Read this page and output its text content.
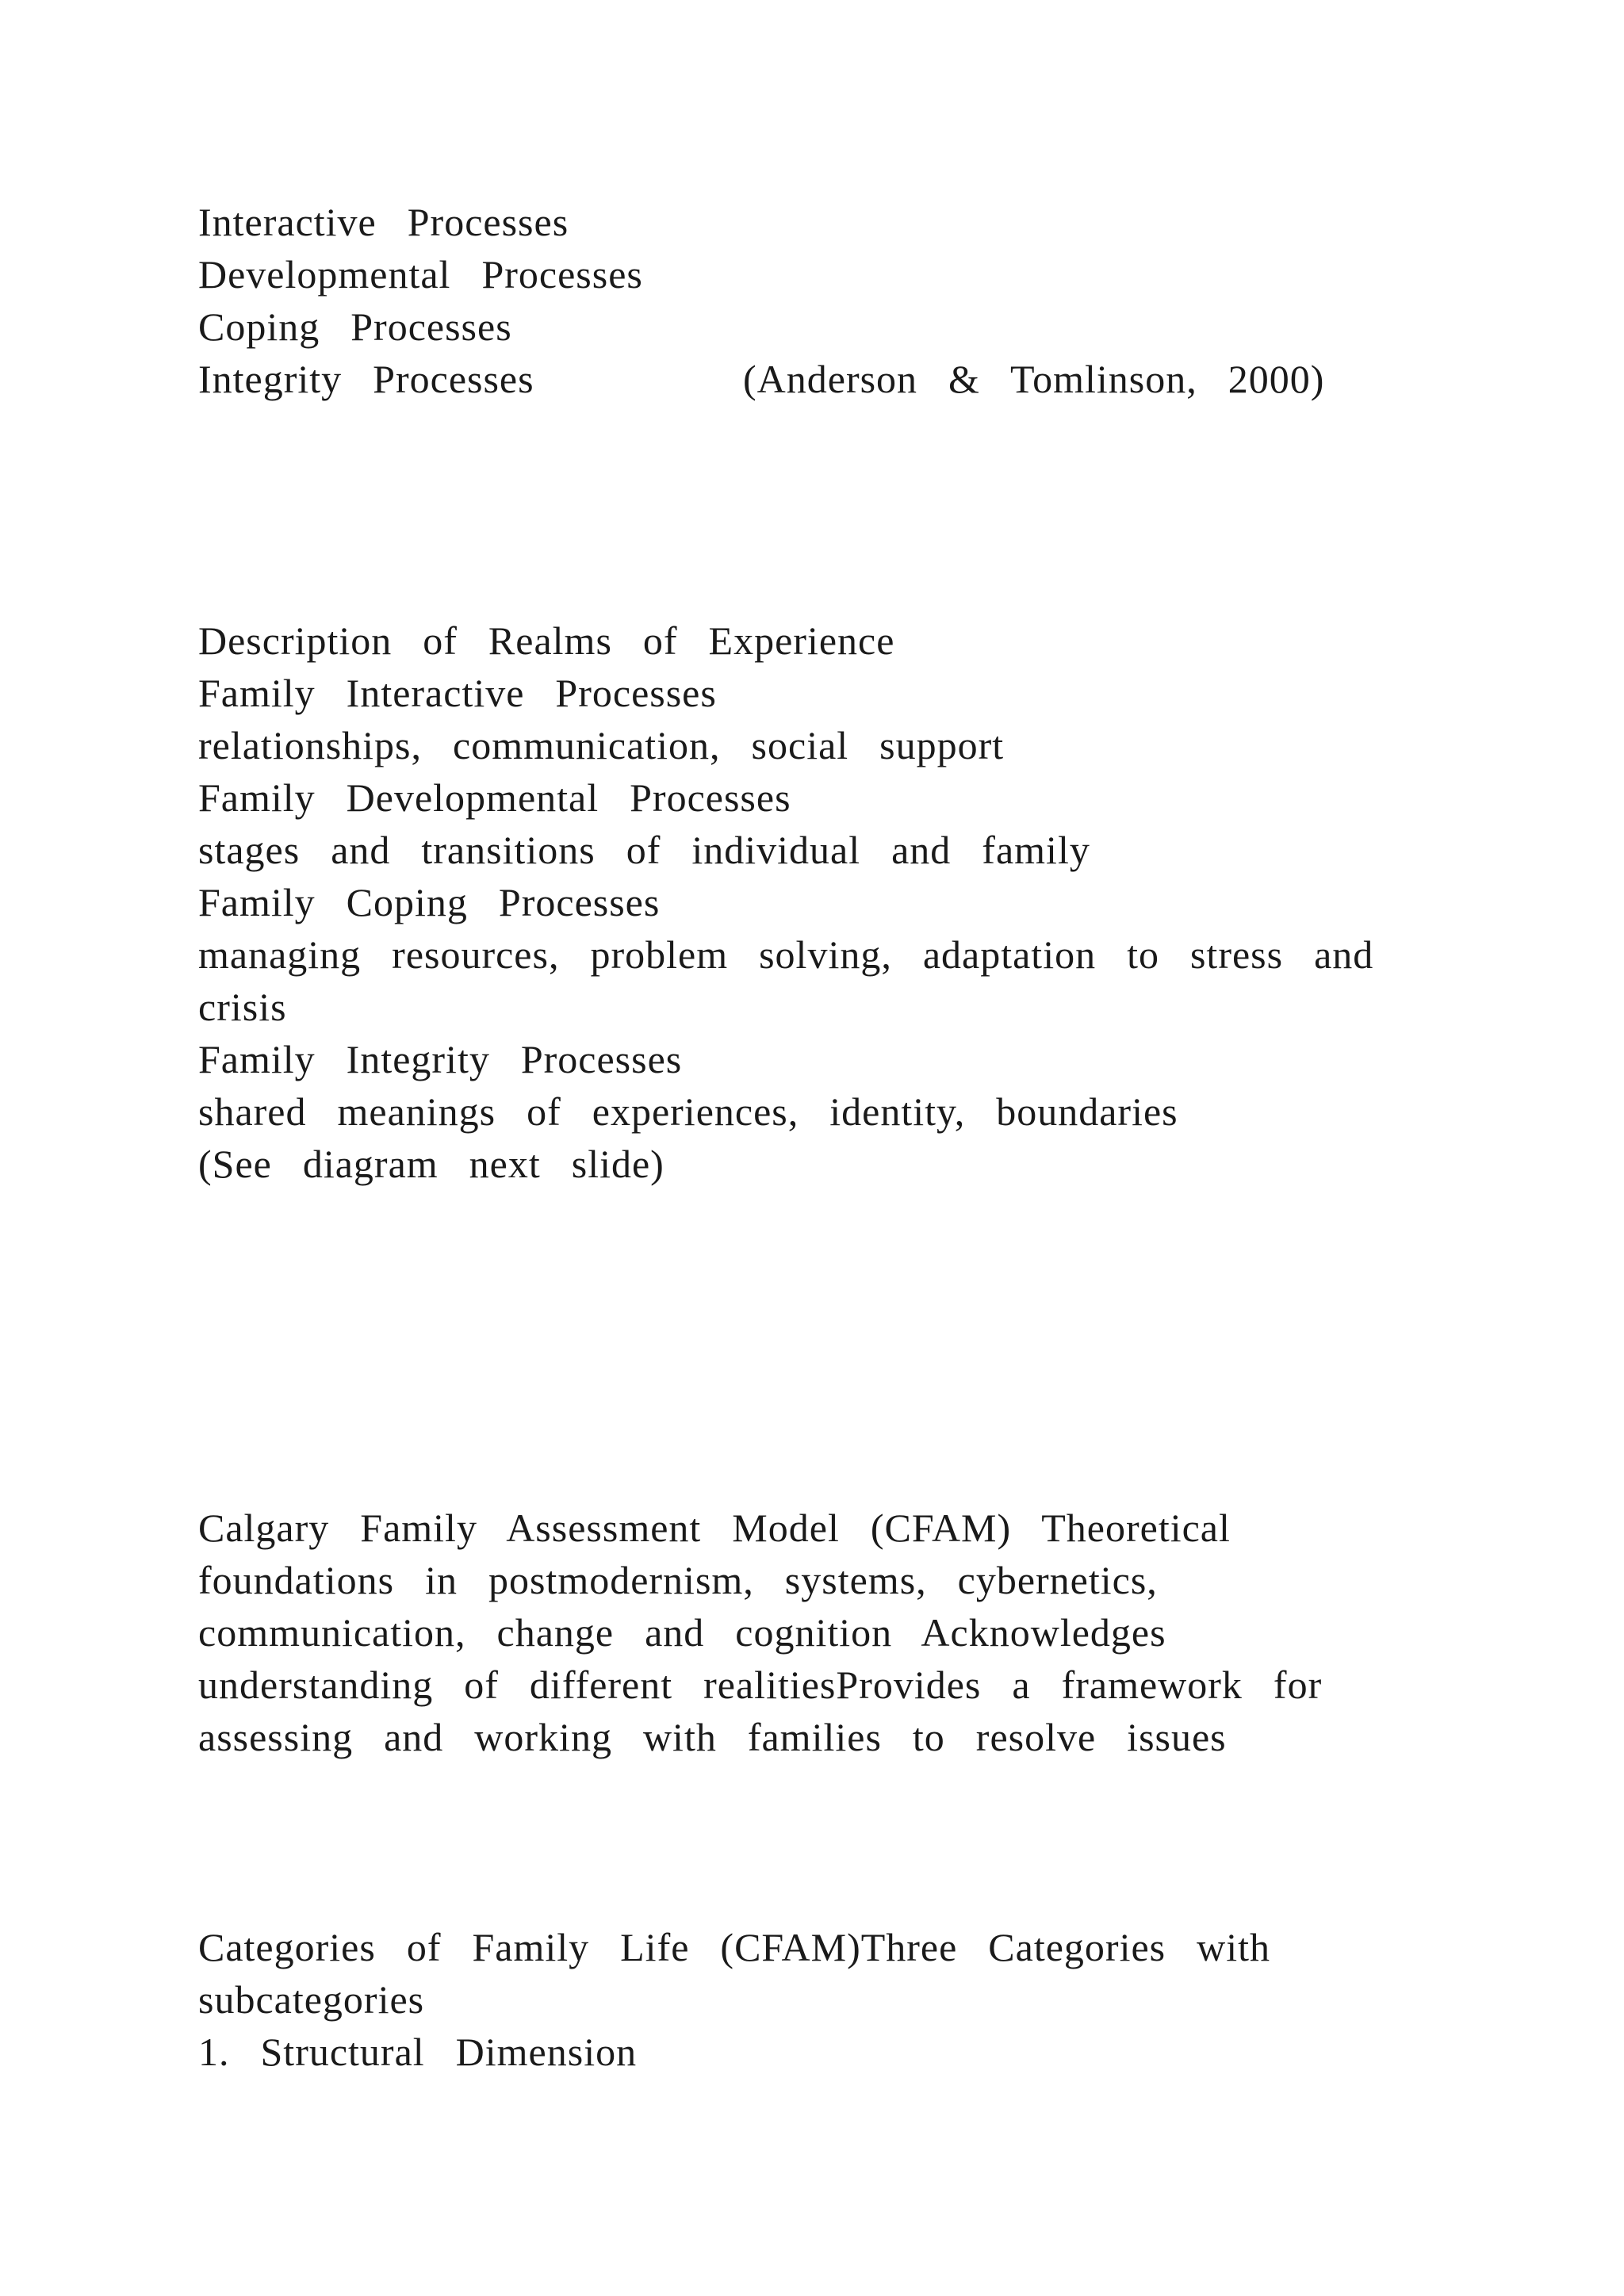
Interactive  Processes
Developmental  Processes
Coping  Processes
Integrity  Processes	(Anderson  &  Tomlinson,  2000)
Description  of  Realms  of  Experience
Family  Interactive  Processes
relationships,  communication,  social  support
Family  Developmental  Processes
stages  and  transitions  of  individual  and  family
Family  Coping  Processes
managing  resources,  problem  solving,  adaptation  to  stress  and
crisis
Family  Integrity  Processes
shared  meanings  of  experiences,  identity,  boundaries
(See  diagram  next  slide)
Calgary  Family  Assessment  Model  (CFAM)  Theoretical
foundations  in  postmodernism,  systems,  cybernetics,
communication,  change  and  cognition  Acknowledges
understanding  of  different  realitiesProvides  a  framework  for
assessing  and  working  with  families  to  resolve  issues
Categories  of  Family  Life  (CFAM)Three  Categories  with
subcategories
1.  Structural  Dimension
